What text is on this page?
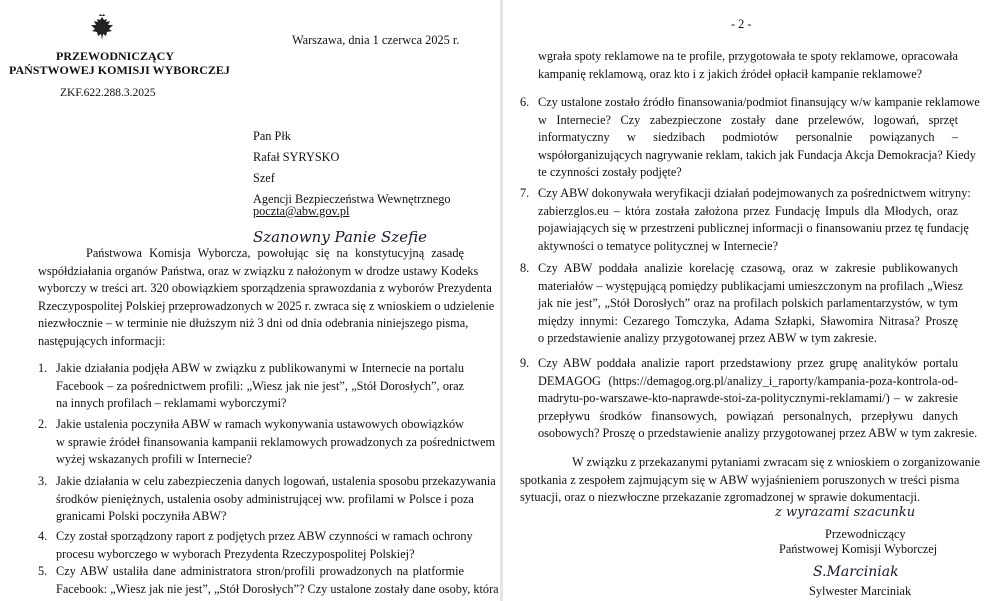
PRZEWODNICZĄCY
PAŃSTWOWEJ KOMISJI WYBORCZEJ
ZKF.622.288.3.2025
Warszawa, dnia 1 czerwca 2025 r.
Pan Płk
Rafał SYRYSKO
Szef
Agencji Bezpieczeństwa Wewnętrznego
poczta@abw.gov.pl
Szanowny Panie Szefie
Państwowa Komisja Wyborcza, powołując się na konstytucyjną zasadę
współdziałania organów Państwa, oraz w związku z nałożonym w drodze ustawy Kodeks
wyborczy w treści art. 320 obowiązkiem sporządzenia sprawozdania z wyborów Prezydenta
Rzeczypospolitej Polskiej przeprowadzonych w 2025 r. zwraca się z wnioskiem o udzielenie
niezwłocznie – w terminie nie dłuższym niż 3 dni od dnia odebrania niniejszego pisma,
następujących informacji:
1. Jakie działania podjęła ABW w związku z publikowanymi w Internecie na portalu
Facebook – za pośrednictwem profili: „Wiesz jak nie jest”, „Stół Dorosłych”, oraz
na innych profilach – reklamami wyborczymi?
2. Jakie ustalenia poczyniła ABW w ramach wykonywania ustawowych obowiązków
w sprawie źródeł finansowania kampanii reklamowych prowadzonych za pośrednictwem
wyżej wskazanych profili w Internecie?
3. Jakie działania w celu zabezpieczenia danych logowań, ustalenia sposobu przekazywania
środków pieniężnych, ustalenia osoby administrującej ww. profilami w Polsce i poza
granicami Polski poczyniła ABW?
4. Czy został sporządzony raport z podjętych przez ABW czynności w ramach ochrony
procesu wyborczego w wyborach Prezydenta Rzeczypospolitej Polskiej?
5. Czy ABW ustaliła dane administratora stron/profili prowadzonych na platformie
Facebook: „Wiesz jak nie jest”, „Stół Dorosłych”? Czy ustalone zostały dane osoby, która
- 2 -
wgrała spoty reklamowe na te profile, przygotowała te spoty reklamowe, opracowała
kampanię reklamową, oraz kto i z jakich źródeł opłacił kampanie reklamowe?
6. Czy ustalone zostało źródło finansowania/podmiot finansujący w/w kampanie reklamowe
w Internecie? Czy zabezpieczone zostały dane przelewów, logowań, sprzęt
informatyczny w siedzibach podmiotów personalnie powiązanych –
współorganizujących nagrywanie reklam, takich jak Fundacja Akcja Demokracja? Kiedy
te czynności zostały podjęte?
7. Czy ABW dokonywała weryfikacji działań podejmowanych za pośrednictwem witryny:
zabierzglos.eu – która została założona przez Fundację Impuls dla Młodych, oraz
pojawiających się w przestrzeni publicznej informacji o finansowaniu przez tę fundację
aktywności o tematyce politycznej w Internecie?
8. Czy ABW poddała analizie korelację czasową, oraz w zakresie publikowanych
materiałów – występującą pomiędzy publikacjami umieszczonym na profilach „Wiesz
jak nie jest”, „Stół Dorosłych” oraz na profilach polskich parlamentarzystów, w tym
między innymi: Cezarego Tomczyka, Adama Szłapki, Sławomira Nitrasa? Proszę
o przedstawienie analizy przygotowanej przez ABW w tym zakresie.
9. Czy ABW poddała analizie raport przedstawiony przez grupę analityków portalu
DEMAGOG (https://demagog.org.pl/analizy_i_raporty/kampania-poza-kontrola-od-
madrytu-po-warszawe-kto-naprawde-stoi-za-politycznymi-reklamami/) – w zakresie
przepływu środków finansowych, powiązań personalnych, przepływu danych
osobowych? Proszę o przedstawienie analizy przygotowanej przez ABW w tym zakresie.
W związku z przekazanymi pytaniami zwracam się z wnioskiem o zorganizowanie
spotkania z zespołem zajmującym się w ABW wyjaśnieniem poruszonych w treści pisma
sytuacji, oraz o niezwłoczne przekazanie zgromadzonej w sprawie dokumentacji.
z wyrazami szacunku
Przewodniczący
Państwowej Komisji Wyborczej
S.Marciniak
Sylwester Marciniak
